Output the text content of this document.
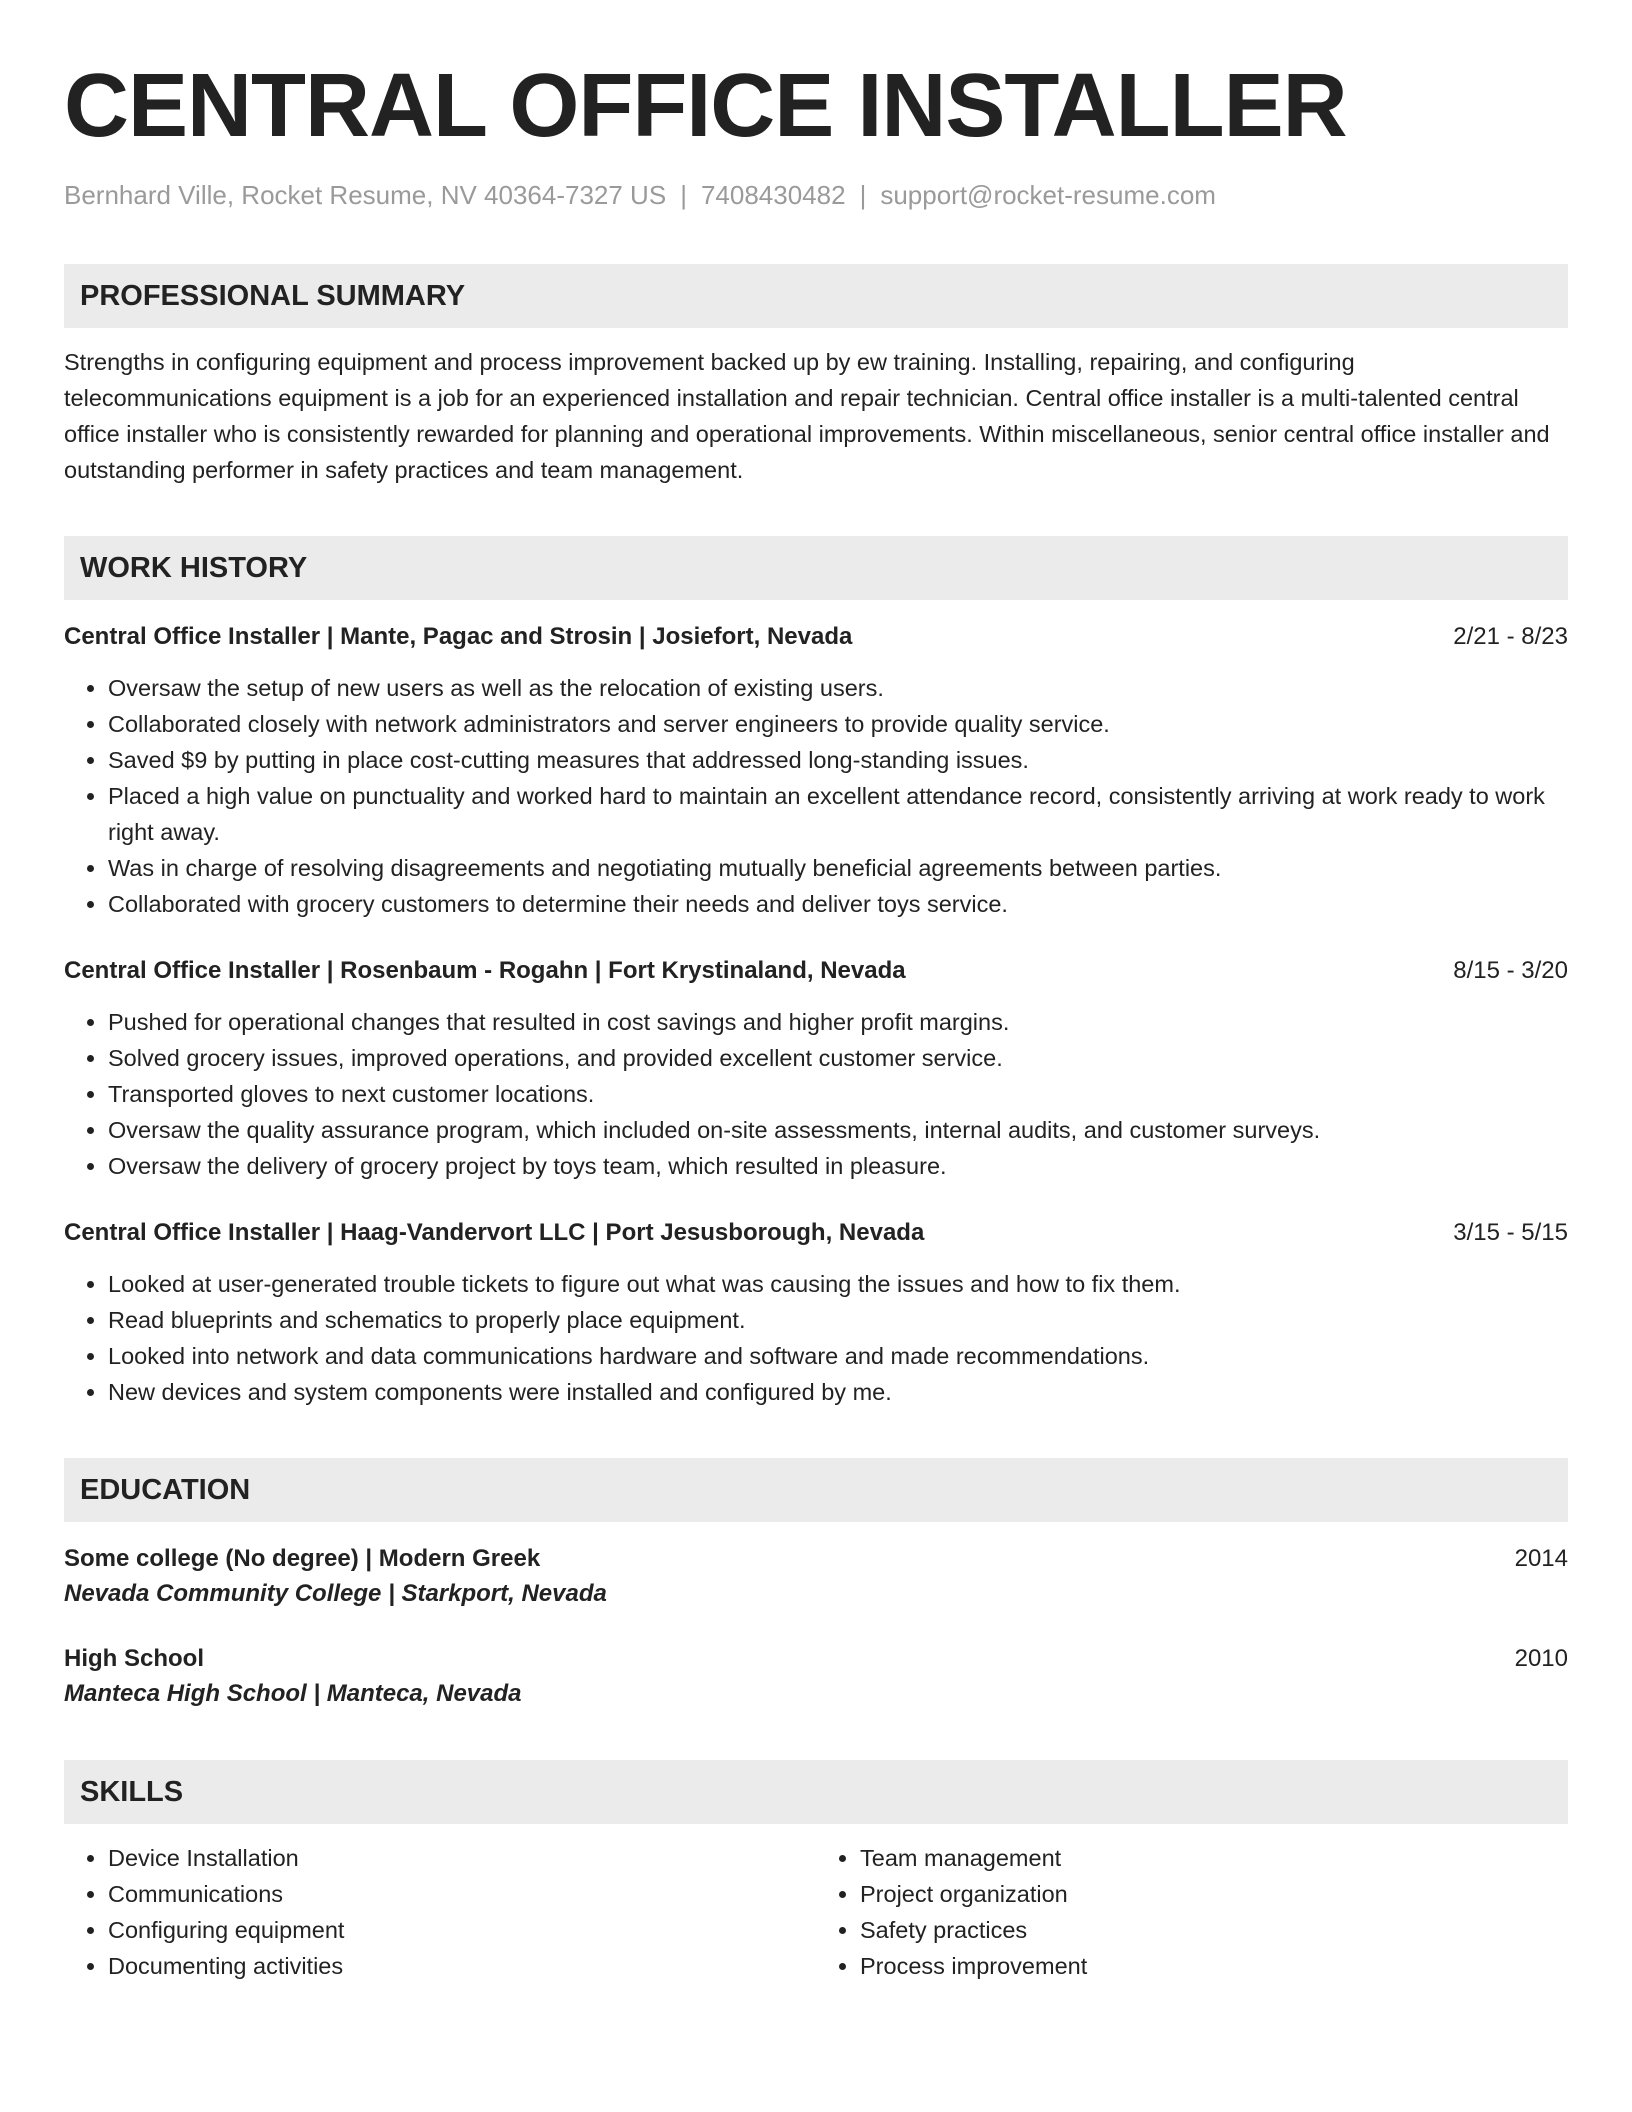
CENTRAL OFFICE INSTALLER
Bernhard Ville, Rocket Resume, NV 40364-7327 US | 7408430482 | support@rocket-resume.com
PROFESSIONAL SUMMARY
Strengths in configuring equipment and process improvement backed up by ew training. Installing, repairing, and configuring telecommunications equipment is a job for an experienced installation and repair technician. Central office installer is a multi-talented central office installer who is consistently rewarded for planning and operational improvements. Within miscellaneous, senior central office installer and outstanding performer in safety practices and team management.
WORK HISTORY
Central Office Installer | Mante, Pagac and Strosin | Josiefort, Nevada	2/21 - 8/23
• Oversaw the setup of new users as well as the relocation of existing users.
• Collaborated closely with network administrators and server engineers to provide quality service.
• Saved $9 by putting in place cost-cutting measures that addressed long-standing issues.
• Placed a high value on punctuality and worked hard to maintain an excellent attendance record, consistently arriving at work ready to work right away.
• Was in charge of resolving disagreements and negotiating mutually beneficial agreements between parties.
• Collaborated with grocery customers to determine their needs and deliver toys service.
Central Office Installer | Rosenbaum - Rogahn | Fort Krystinaland, Nevada	8/15 - 3/20
• Pushed for operational changes that resulted in cost savings and higher profit margins.
• Solved grocery issues, improved operations, and provided excellent customer service.
• Transported gloves to next customer locations.
• Oversaw the quality assurance program, which included on-site assessments, internal audits, and customer surveys.
• Oversaw the delivery of grocery project by toys team, which resulted in pleasure.
Central Office Installer | Haag-Vandervort LLC | Port Jesusborough, Nevada	3/15 - 5/15
• Looked at user-generated trouble tickets to figure out what was causing the issues and how to fix them.
• Read blueprints and schematics to properly place equipment.
• Looked into network and data communications hardware and software and made recommendations.
• New devices and system components were installed and configured by me.
EDUCATION
Some college (No degree) | Modern Greek	2014
Nevada Community College | Starkport, Nevada
High School	2010
Manteca High School | Manteca, Nevada
SKILLS
• Device Installation
• Communications
• Configuring equipment
• Documenting activities
• Team management
• Project organization
• Safety practices
• Process improvement
